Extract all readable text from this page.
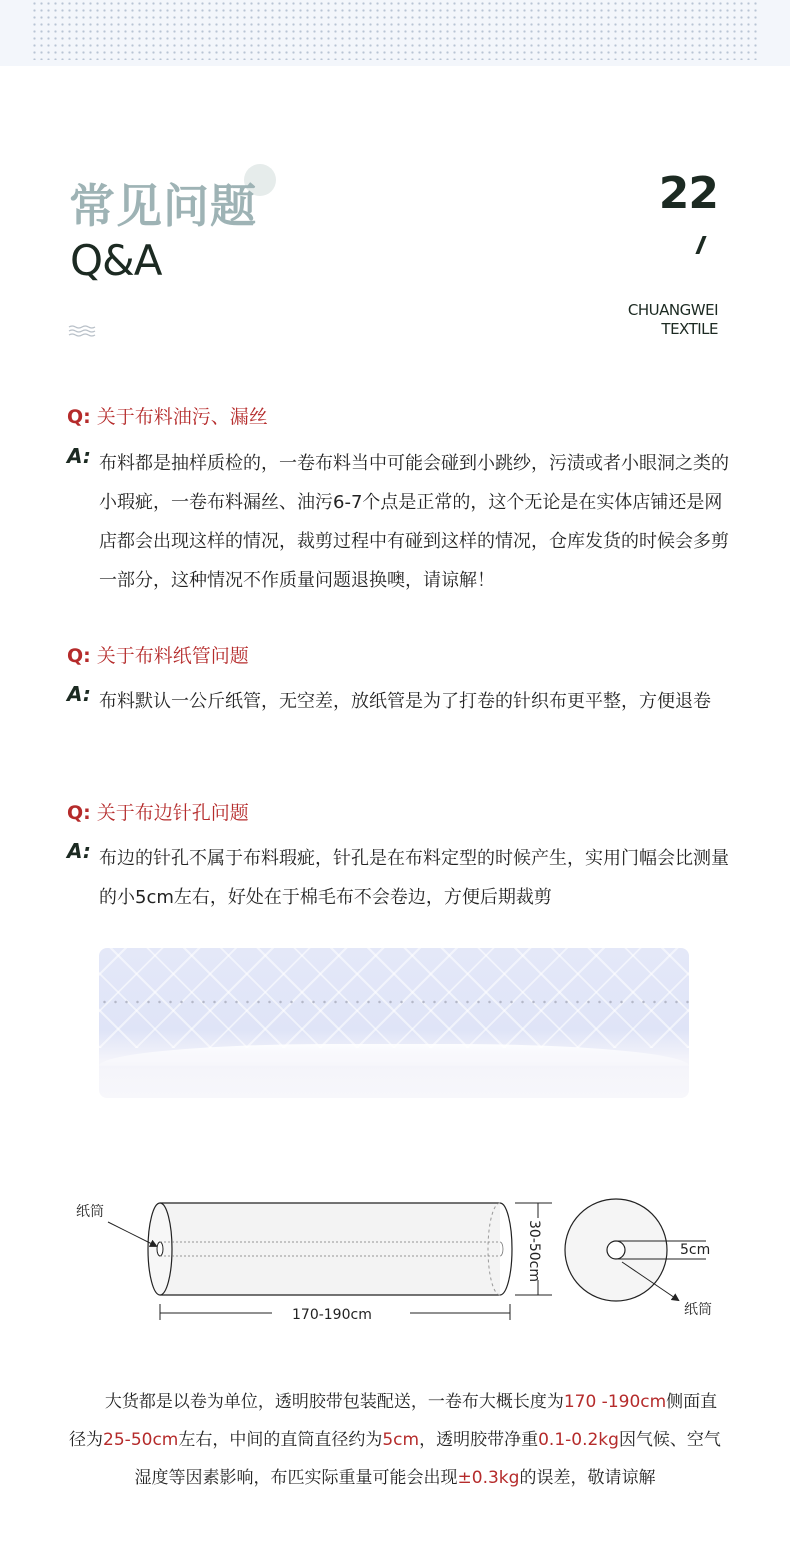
常见问题
Q&A
22
CHUANGWEI
TEXTILE
Q: 关于布料油污、漏丝
A: 布料都是抽样质检的，一卷布料当中可能会碰到小跳纱，污渍或者小眼洞之类的小瑕疵，一卷布料漏丝、油污6-7个点是正常的，这个无论是在实体店铺还是网店都会出现这样的情况，裁剪过程中有碰到这样的情况，仓库发货的时候会多剪一部分，这种情况不作质量问题退换噢，请谅解！
Q: 关于布料纸管问题
A: 布料默认一公斤纸管，无空差，放纸管是为了打卷的针织布更平整，方便退卷
Q: 关于布边针孔问题
A: 布边的针孔不属于布料瑕疵，针孔是在布料定型的时候产生，实用门幅会比测量的小5cm左右，好处在于棉毛布不会卷边，方便后期裁剪
纸筒
170-190cm
30-50cm	5cm
纸筒
大货都是以卷为单位，透明胶带包装配送，一卷布大概长度为170 -190cm侧面直径为25-50cm左右，中间的直筒直径约为5cm，透明胶带净重0.1-0.2kg因气候、空气湿度等因素影响，布匹实际重量可能会出现±0.3kg的误差，敬请谅解
